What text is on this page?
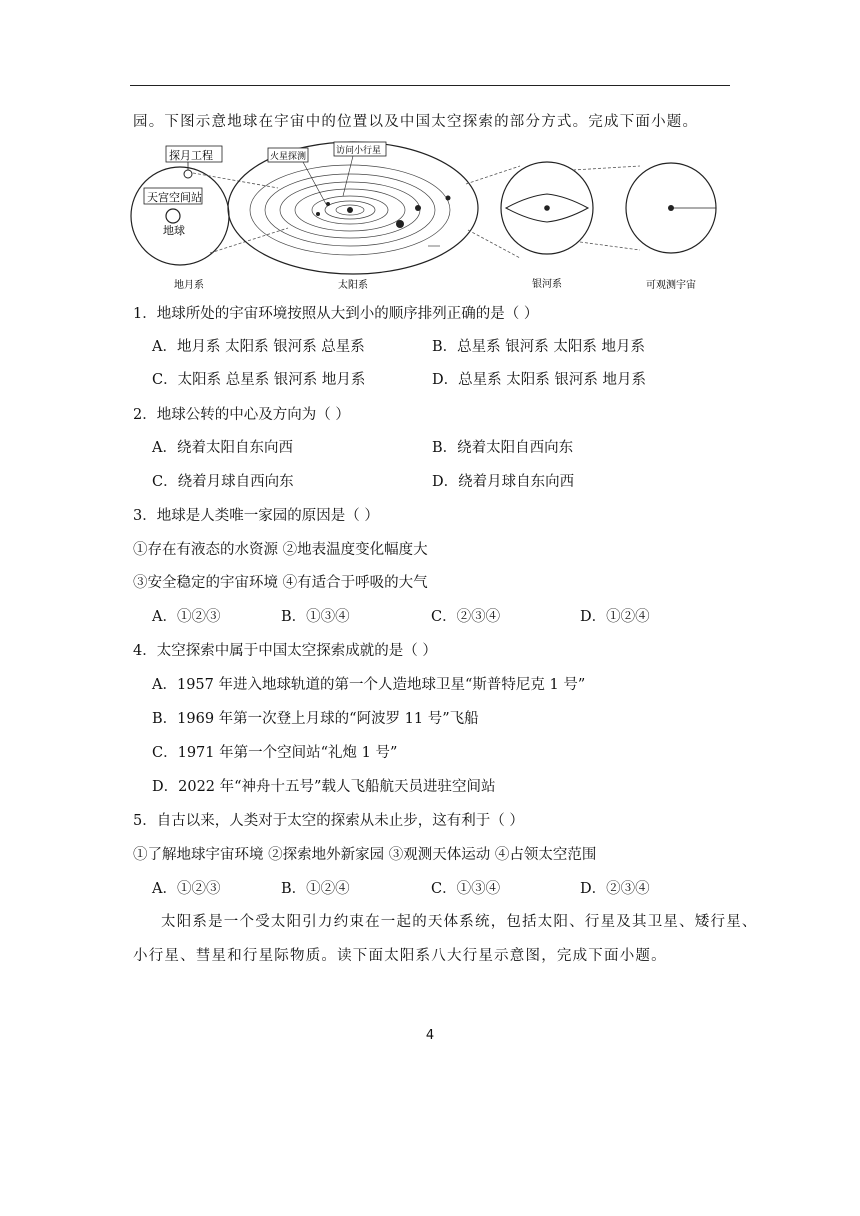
园。下图示意地球在宇宙中的位置以及中国太空探索的部分方式。完成下面小题。
探月工程
天宫空间站
地球
火星探测
访问小行星
地月系	太阳系	银河系	可观测宇宙
1．地球所处的宇宙环境按照从大到小的顺序排列正确的是（ ）
A．地月系 太阳系 银河系 总星系	B．总星系 银河系 太阳系 地月系
C．太阳系 总星系 银河系 地月系	D．总星系 太阳系 银河系 地月系
2．地球公转的中心及方向为（ ）
A．绕着太阳自东向西	B．绕着太阳自西向东
C．绕着月球自西向东	D．绕着月球自东向西
3．地球是人类唯一家园的原因是（ ）
①存在有液态的水资源 ②地表温度变化幅度大
③安全稳定的宇宙环境 ④有适合于呼吸的大气
A．①②③	B．①③④	C．②③④	D．①②④
4．太空探索中属于中国太空探索成就的是（ ）
A．1957 年进入地球轨道的第一个人造地球卫星“斯普特尼克 1 号”
B．1969 年第一次登上月球的“阿波罗 11 号”飞船
C．1971 年第一个空间站“礼炮 1 号”
D．2022 年“神舟十五号”载人飞船航天员进驻空间站
5．自古以来，人类对于太空的探索从未止步，这有利于（ ）
①了解地球宇宙环境 ②探索地外新家园 ③观测天体运动 ④占领太空范围
A．①②③	B．①②④	C．①③④	D．②③④
太阳系是一个受太阳引力约束在一起的天体系统，包括太阳、行星及其卫星、矮行星、
小行星、彗星和行星际物质。读下面太阳系八大行星示意图，完成下面小题。
4
